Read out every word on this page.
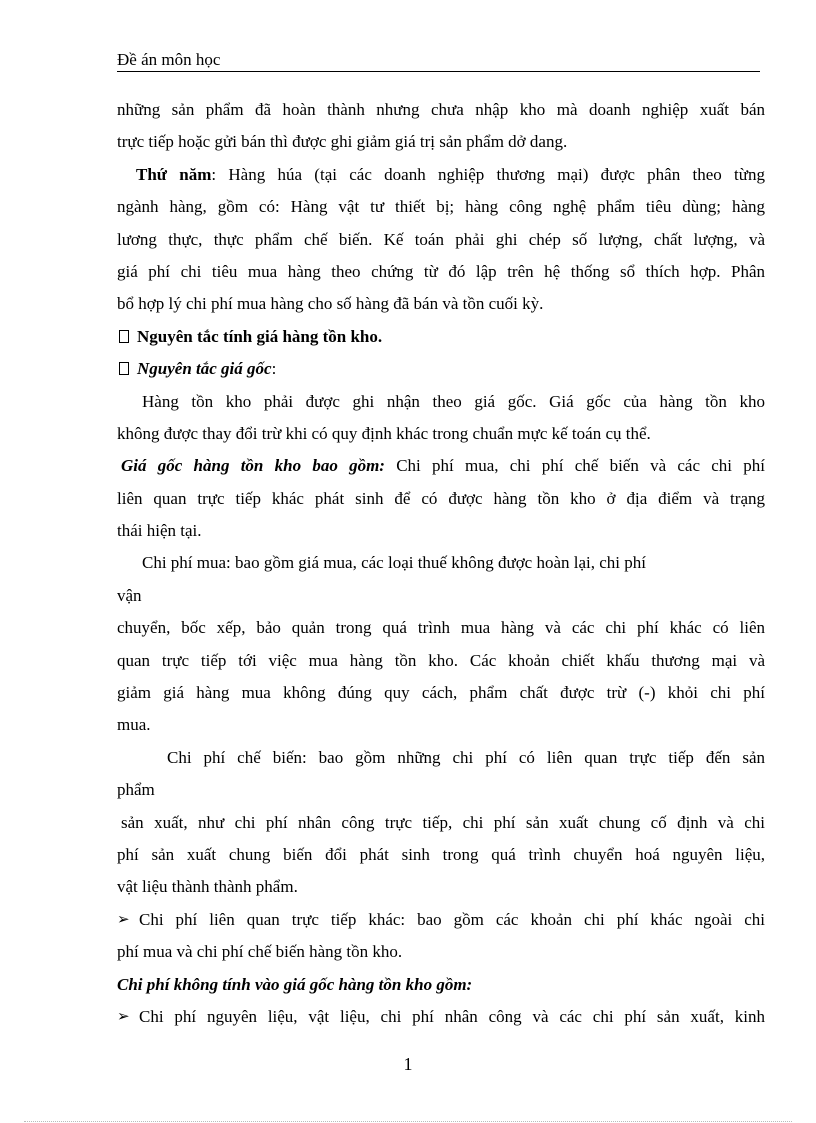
Đề án môn học
những sản phẩm đã hoàn thành nhưng chưa nhập kho mà doanh nghiệp xuất bán
trực tiếp hoặc gửi bán thì được ghi giảm giá trị sản phẩm dở dang.
Thứ năm: Hàng húa (tại các doanh nghiệp thương mại) được phân theo từng
ngành hàng, gồm có: Hàng vật tư thiết bị; hàng công nghệ phẩm tiêu dùng; hàng
lương thực, thực phẩm chế biến. Kế toán phải ghi chép số lượng, chất lượng, và
giá phí chi tiêu mua hàng theo chứng từ đó lập trên hệ thống sổ thích hợp. Phân
bổ hợp lý chi phí mua hàng cho số hàng đã bán và tồn cuối kỳ.
Nguyên tắc tính giá hàng tồn kho.
Nguyên tắc giá gốc:
Hàng tồn kho phải được ghi nhận theo giá gốc. Giá gốc của hàng tồn kho
không được thay đổi trừ khi có quy định khác trong chuẩn mực kế toán cụ thể.
Giá gốc hàng tồn kho bao gồm: Chi phí mua, chi phí chế biến và các chi phí
liên quan trực tiếp khác phát sinh để có được hàng tồn kho ở địa điểm và trạng
thái hiện tại.
Chi phí mua: bao gồm giá mua, các loại thuế không được hoàn lại, chi phí
vận
chuyển, bốc xếp, bảo quản trong quá trình mua hàng và các chi phí khác có liên
quan trực tiếp tới việc mua hàng tồn kho. Các khoản chiết khấu thương mại và
giảm giá hàng mua không đúng quy cách, phẩm chất được trừ (-) khỏi chi phí
mua.
Chi phí chế biến: bao gồm những chi phí có liên quan trực tiếp đến sản
phẩm
sản xuất, như chi phí nhân công trực tiếp, chi phí sản xuất chung cố định và chi
phí sản xuất chung biến đổi phát sinh trong quá trình chuyển hoá nguyên liệu,
vật liệu thành thành phẩm.
➢ Chi phí liên quan trực tiếp khác: bao gồm các khoản chi phí khác ngoài chi
phí mua và chi phí chế biến hàng tồn kho.
Chi phí không tính vào giá gốc hàng tồn kho gồm:
➢ Chi phí nguyên liệu, vật liệu, chi phí nhân công và các chi phí sản xuất, kinh
1
